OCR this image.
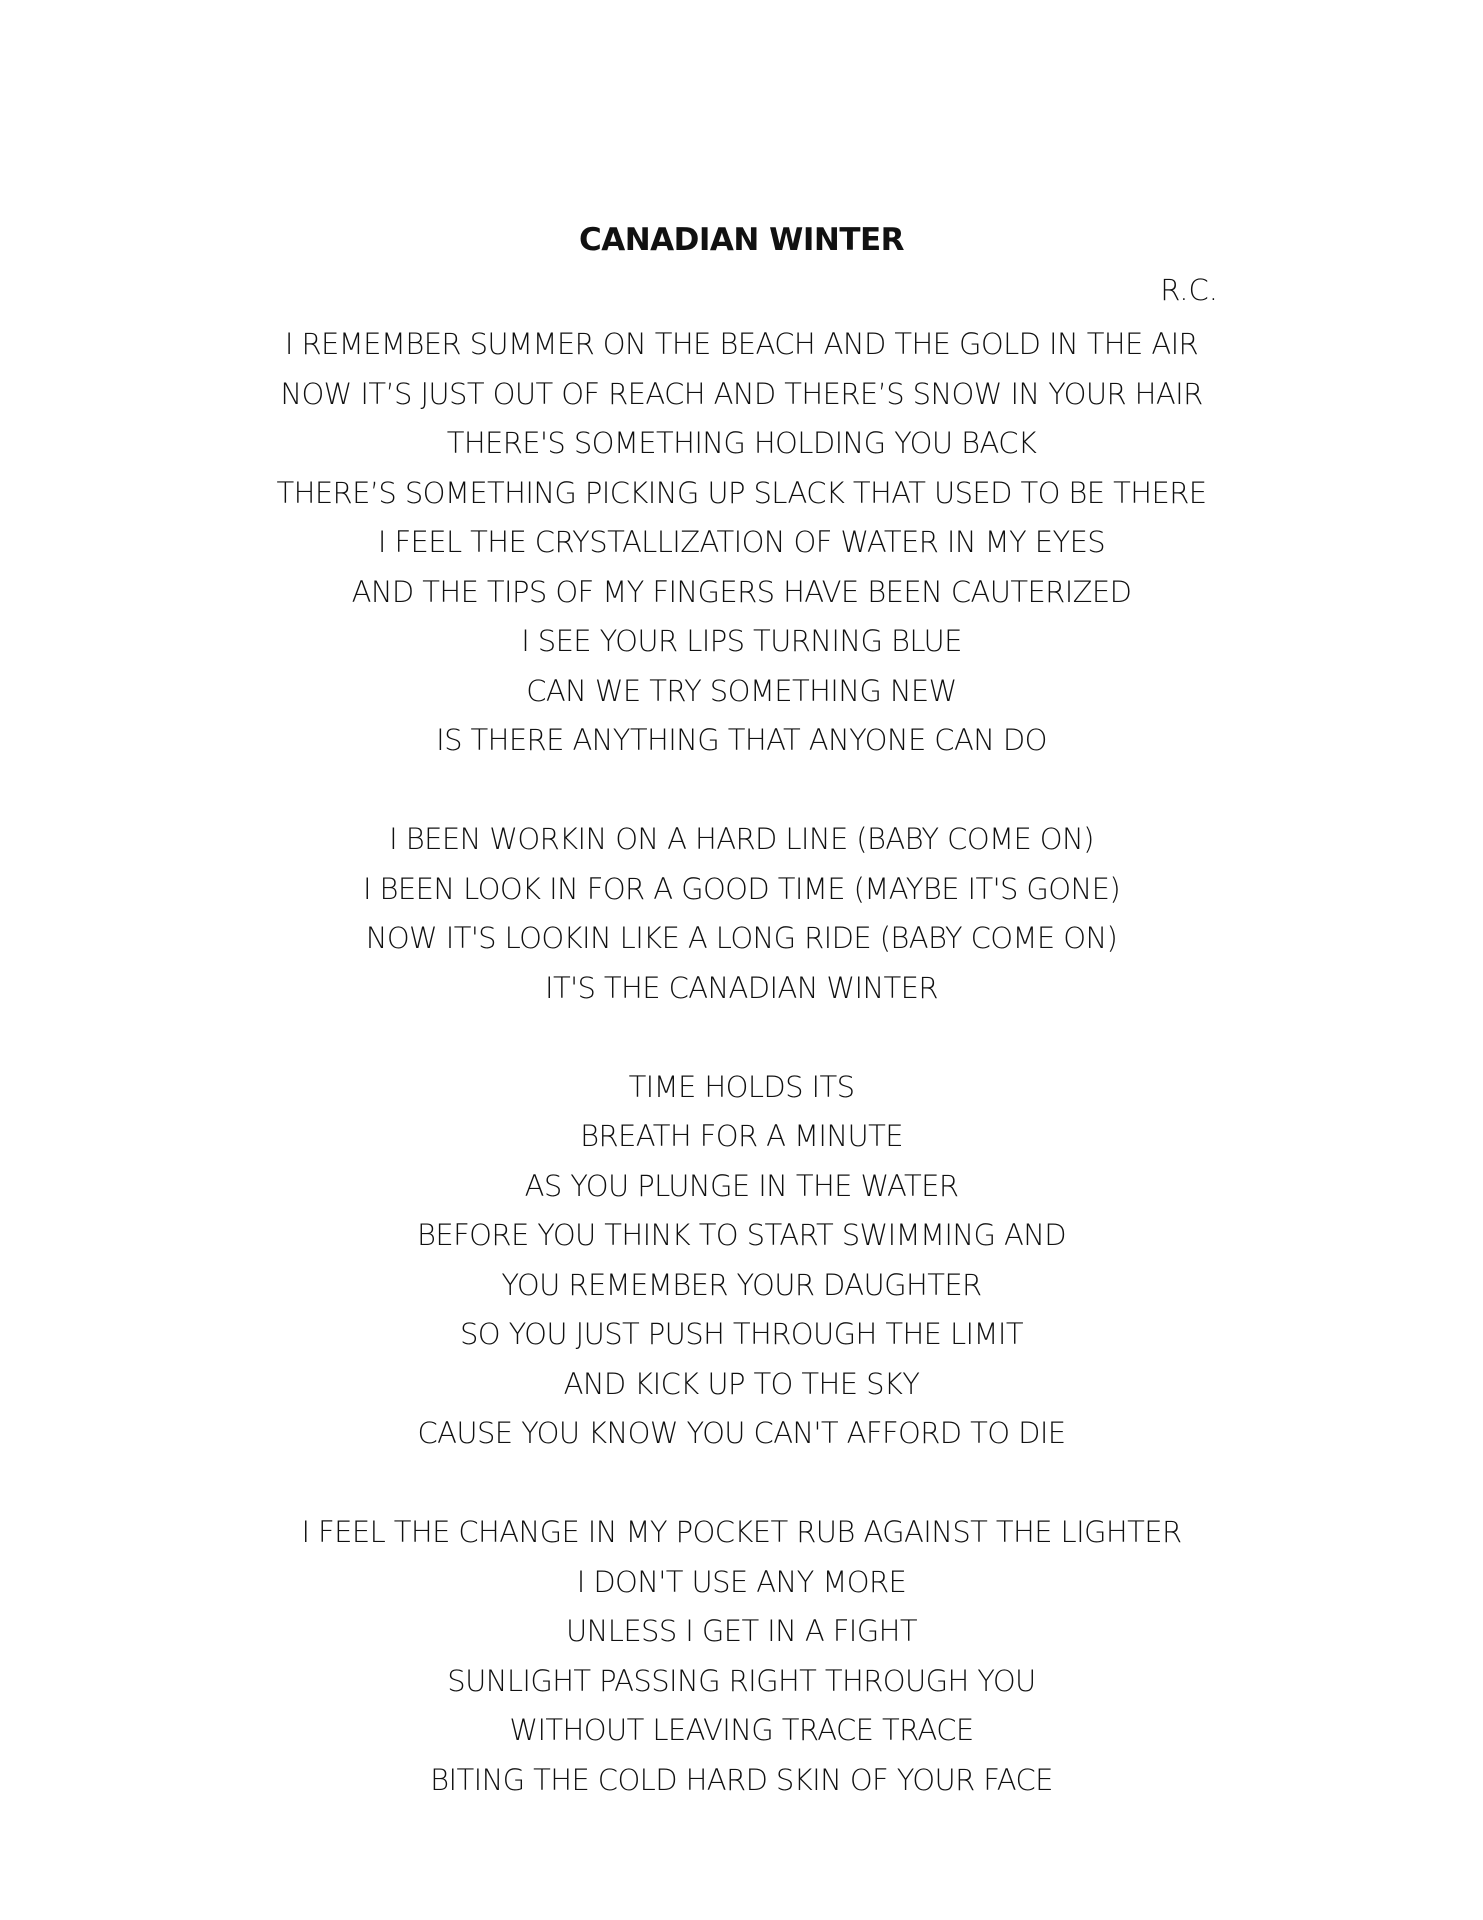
CANADIAN WINTER
R.C.
I REMEMBER SUMMER ON THE BEACH AND THE GOLD IN THE AIR
NOW IT’S JUST OUT OF REACH AND THERE’S SNOW IN YOUR HAIR
THERE'S SOMETHING HOLDING YOU BACK
THERE’S SOMETHING PICKING UP SLACK THAT USED TO BE THERE
I FEEL THE CRYSTALLIZATION OF WATER IN MY EYES
AND THE TIPS OF MY FINGERS HAVE BEEN CAUTERIZED
I SEE YOUR LIPS TURNING BLUE
CAN WE TRY SOMETHING NEW
IS THERE ANYTHING THAT ANYONE CAN DO
I BEEN WORKIN ON A HARD LINE (BABY COME ON)
I BEEN LOOK IN FOR A GOOD TIME (MAYBE IT'S GONE)
NOW IT'S LOOKIN LIKE A LONG RIDE (BABY COME ON)
IT'S THE CANADIAN WINTER
TIME HOLDS ITS
BREATH FOR A MINUTE
AS YOU PLUNGE IN THE WATER
BEFORE YOU THINK TO START SWIMMING AND
YOU REMEMBER YOUR DAUGHTER
SO YOU JUST PUSH THROUGH THE LIMIT
AND KICK UP TO THE SKY
CAUSE YOU KNOW YOU CAN'T AFFORD TO DIE
I FEEL THE CHANGE IN MY POCKET RUB AGAINST THE LIGHTER
I DON'T USE ANY MORE
UNLESS I GET IN A FIGHT
SUNLIGHT PASSING RIGHT THROUGH YOU
WITHOUT LEAVING TRACE TRACE
BITING THE COLD HARD SKIN OF YOUR FACE
